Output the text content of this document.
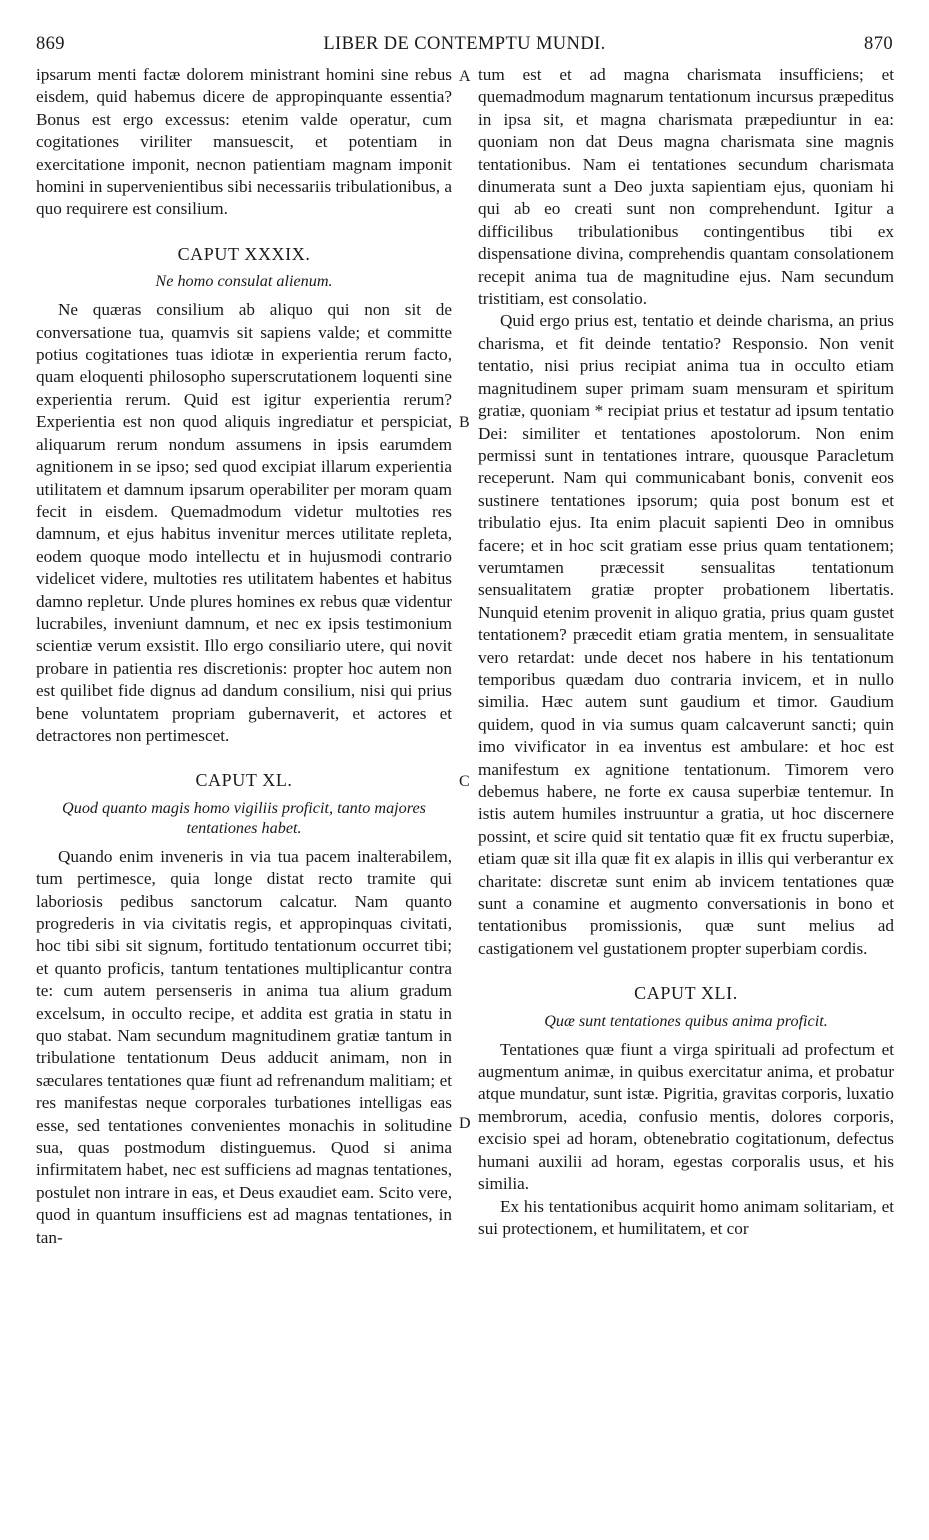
869	LIBER DE CONTEMPTU MUNDI.	870
A
B
C
D

ipsarum menti factæ dolorem ministrant homini sine rebus eisdem, quid habemus dicere de appropinquante essentia? Bonus est ergo excessus: etenim valde operatur, cum cogitationes viriliter mansuescit, et potentiam in exercitatione imponit, necnon patientiam magnam imponit homini in supervenientibus sibi necessariis tribulationibus, a quo requirere est consilium.

CAPUT XXXIX.
Ne homo consulat alienum.

Ne quæras consilium ab aliquo qui non sit de conversatione tua, quamvis sit sapiens valde; et committe potius cogitationes tuas idiotæ in experientia rerum facto, quam eloquenti philosopho superscrutationem loquenti sine experientia rerum. Quid est igitur experientia rerum? Experientia est non quod aliquis ingrediatur et perspiciat, aliquarum rerum nondum assumens in ipsis earumdem agnitionem in se ipso; sed quod excipiat illarum experientia utilitatem et damnum ipsarum operabiliter per moram quam fecit in eisdem. Quemadmodum videtur multoties res damnum, et ejus habitus invenitur merces utilitate repleta, eodem quoque modo intellectu et in hujusmodi contrario videlicet videre, multoties res utilitatem habentes et habitus damno repletur. Unde plures homines ex rebus quæ videntur lucrabiles, inveniunt damnum, et nec ex ipsis testimonium scientiæ verum exsistit. Illo ergo consiliario utere, qui novit probare in patientia res discretionis: propter hoc autem non est quilibet fide dignus ad dandum consilium, nisi qui prius bene voluntatem propriam gubernaverit, et actores et detractores non pertimescet.

CAPUT XL.
Quod quanto magis homo vigiliis proficit, tanto majores tentationes habet.

Quando enim inveneris in via tua pacem inalterabilem, tum pertimesce, quia longe distat recto tramite qui laboriosis pedibus sanctorum calcatur. Nam quanto progrederis in via civitatis regis, et appropinquas civitati, hoc tibi sibi sit signum, fortitudo tentationum occurret tibi; et quanto proficis, tantum tentationes multiplicantur contra te: cum autem persenseris in anima tua alium gradum excelsum, in occulto recipe, et addita est gratia in statu in quo stabat. Nam secundum magnitudinem gratiæ tantum in tribulatione tentationum Deus adducit animam, non in sæculares tentationes quæ fiunt ad refrenandum malitiam; et res manifestas neque corporales turbationes intelligas eas esse, sed tentationes convenientes monachis in solitudine sua, quas postmodum distinguemus. Quod si anima infirmitatem habet, nec est sufficiens ad magnas tentationes, postulet non intrare in eas, et Deus exaudiet eam. Scito vere, quod in quantum insufficiens est ad magnas tentationes, in tan-

tum est et ad magna charismata insufficiens; et quemadmodum magnarum tentationum incursus præpeditus in ipsa sit, et magna charismata præpediuntur in ea: quoniam non dat Deus magna charismata sine magnis tentationibus. Nam ei tentationes secundum charismata dinumerata sunt a Deo juxta sapientiam ejus, quoniam hi qui ab eo creati sunt non comprehendunt. Igitur a difficilibus tribulationibus contingentibus tibi ex dispensatione divina, comprehendis quantam consolationem recepit anima tua de magnitudine ejus. Nam secundum tristitiam, est consolatio.

Quid ergo prius est, tentatio et deinde charisma, an prius charisma, et fit deinde tentatio? Responsio. Non venit tentatio, nisi prius recipiat anima tua in occulto etiam magnitudinem super primam suam mensuram et spiritum gratiæ, quoniam * recipiat prius et testatur ad ipsum tentatio Dei: similiter et tentationes apostolorum. Non enim permissi sunt in tentationes intrare, quousque Paracletum receperunt. Nam qui communicabant bonis, convenit eos sustinere tentationes ipsorum; quia post bonum est et tribulatio ejus. Ita enim placuit sapienti Deo in omnibus facere; et in hoc scit gratiam esse prius quam tentationem; verumtamen præcessit sensualitas tentationum sensualitatem gratiæ propter probationem libertatis. Nunquid etenim provenit in aliquo gratia, prius quam gustet tentationem? præcedit etiam gratia mentem, in sensualitate vero retardat: unde decet nos habere in his tentationum temporibus quædam duo contraria invicem, et in nullo similia. Hæc autem sunt gaudium et timor. Gaudium quidem, quod in via sumus quam calcaverunt sancti; quin imo vivificator in ea inventus est ambulare: et hoc est manifestum ex agnitione tentationum. Timorem vero debemus habere, ne forte ex causa superbiæ tentemur. In istis autem humiles instruuntur a gratia, ut hoc discernere possint, et scire quid sit tentatio quæ fit ex fructu superbiæ, etiam quæ sit illa quæ fit ex alapis in illis qui verberantur ex charitate: discretæ sunt enim ab invicem tentationes quæ sunt a conamine et augmento conversationis in bono et tentationibus promissionis, quæ sunt melius ad castigationem vel gustationem propter superbiam cordis.

CAPUT XLI.
Quæ sunt tentationes quibus anima proficit.

Tentationes quæ fiunt a virga spirituali ad profectum et augmentum animæ, in quibus exercitatur anima, et probatur atque mundatur, sunt istæ. Pigritia, gravitas corporis, luxatio membrorum, acedia, confusio mentis, dolores corporis, excisio spei ad horam, obtenebratio cogitationum, defectus humani auxilii ad horam, egestas corporalis usus, et his similia.

Ex his tentationibus acquirit homo animam solitariam, et sui protectionem, et humilitatem, et cor
